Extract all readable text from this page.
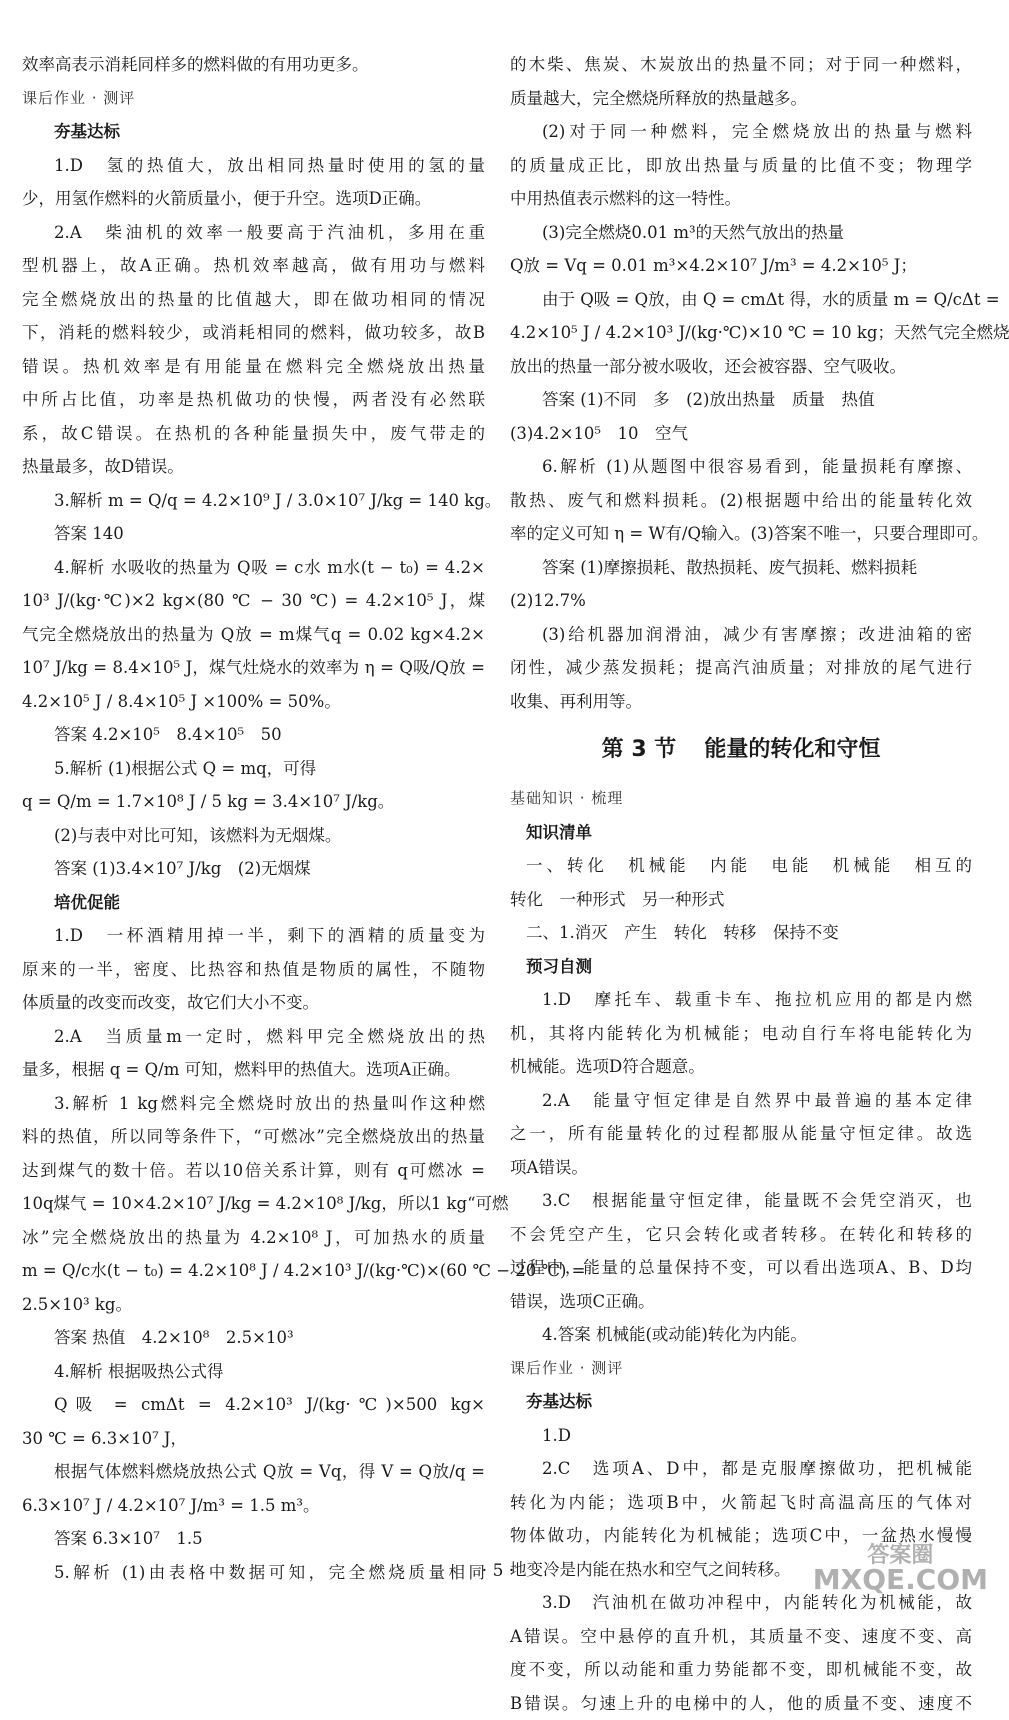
效率高表示消耗同样多的燃料做的有用功更多。
课后作业 · 测评
夯基达标
1.D　氢的热值大，放出相同热量时使用的氢的量
少，用氢作燃料的火箭质量小，便于升空。选项D正确。
2.A　柴油机的效率一般要高于汽油机，多用在重
型机器上，故A正确。热机效率越高，做有用功与燃料
完全燃烧放出的热量的比值越大，即在做功相同的情况
下，消耗的燃料较少，或消耗相同的燃料，做功较多，故B
错误。热机效率是有用能量在燃料完全燃烧放出热量
中所占比值，功率是热机做功的快慢，两者没有必然联
系，故C错误。在热机的各种能量损失中，废气带走的
热量最多，故D错误。
3.解析 m = Q/q = 4.2×10⁹ J / 3.0×10⁷ J/kg = 140 kg。
答案 140
4.解析 水吸收的热量为 Q吸 = c水 m水(t − t₀) = 4.2×
10³ J/(kg·℃)×2 kg×(80 ℃ − 30 ℃) = 4.2×10⁵ J，煤
气完全燃烧放出的热量为 Q放 = m煤气q = 0.02 kg×4.2×
10⁷ J/kg = 8.4×10⁵ J，煤气灶烧水的效率为 η = Q吸/Q放 =
4.2×10⁵ J / 8.4×10⁵ J ×100% = 50%。
答案 4.2×10⁵　8.4×10⁵　50
5.解析 (1)根据公式 Q = mq，可得
q = Q/m = 1.7×10⁸ J / 5 kg = 3.4×10⁷ J/kg。
(2)与表中对比可知，该燃料为无烟煤。
答案 (1)3.4×10⁷ J/kg　(2)无烟煤
培优促能
1.D　一杯酒精用掉一半，剩下的酒精的质量变为
原来的一半，密度、比热容和热值是物质的属性，不随物
体质量的改变而改变，故它们大小不变。
2.A　当质量m一定时，燃料甲完全燃烧放出的热
量多，根据 q = Q/m 可知，燃料甲的热值大。选项A正确。
3.解析 1 kg燃料完全燃烧时放出的热量叫作这种燃
料的热值，所以同等条件下，“可燃冰”完全燃烧放出的热量
达到煤气的数十倍。若以10倍关系计算，则有 q可燃冰 =
10q煤气 = 10×4.2×10⁷ J/kg = 4.2×10⁸ J/kg，所以1 kg“可燃
冰”完全燃烧放出的热量为 4.2×10⁸ J，可加热水的质量
m = Q/c水(t − t₀) = 4.2×10⁸ J / 4.2×10³ J/(kg·℃)×(60 ℃ − 20 ℃) =
2.5×10³ kg。
答案 热值　4.2×10⁸　2.5×10³
4.解析 根据吸热公式得
Q吸 = cmΔt = 4.2×10³ J/(kg·℃)×500 kg×
30 ℃ = 6.3×10⁷ J，
根据气体燃料燃烧放热公式 Q放 = Vq，得 V = Q放/q =
6.3×10⁷ J / 4.2×10⁷ J/m³ = 1.5 m³。
答案 6.3×10⁷　1.5
5.解析 (1)由表格中数据可知，完全燃烧质量相同
的木柴、焦炭、木炭放出的热量不同；对于同一种燃料，
质量越大，完全燃烧所释放的热量越多。
(2)对于同一种燃料，完全燃烧放出的热量与燃料
的质量成正比，即放出热量与质量的比值不变；物理学
中用热值表示燃料的这一特性。
(3)完全燃烧0.01 m³的天然气放出的热量
Q放 = Vq = 0.01 m³×4.2×10⁷ J/m³ = 4.2×10⁵ J；
由于 Q吸 = Q放，由 Q = cmΔt 得，水的质量 m = Q/cΔt =
4.2×10⁵ J / 4.2×10³ J/(kg·℃)×10 ℃ = 10 kg；天然气完全燃烧
放出的热量一部分被水吸收，还会被容器、空气吸收。
答案 (1)不同　多　(2)放出热量　质量　热值
(3)4.2×10⁵　10　空气
6.解析 (1)从题图中很容易看到，能量损耗有摩擦、
散热、废气和燃料损耗。(2)根据题中给出的能量转化效
率的定义可知 η = W有/Q输入。(3)答案不唯一，只要合理即可。
答案 (1)摩擦损耗、散热损耗、废气损耗、燃料损耗
(2)12.7%
(3)给机器加润滑油，减少有害摩擦；改进油箱的密
闭性，减少蒸发损耗；提高汽油质量；对排放的尾气进行
收集、再利用等。
第 3 节 能量的转化和守恒
基础知识 · 梳理
知识清单
一、转化　机械能　内能　电能　机械能　相互的
转化　一种形式　另一种形式
二、1.消灭　产生　转化　转移　保持不变
预习自测
1.D　摩托车、载重卡车、拖拉机应用的都是内燃
机，其将内能转化为机械能；电动自行车将电能转化为
机械能。选项D符合题意。
2.A　能量守恒定律是自然界中最普遍的基本定律
之一，所有能量转化的过程都服从能量守恒定律。故选
项A错误。
3.C　根据能量守恒定律，能量既不会凭空消灭，也
不会凭空产生，它只会转化或者转移。在转化和转移的
过程中，能量的总量保持不变，可以看出选项A、B、D均
错误，选项C正确。
4.答案 机械能(或动能)转化为内能。
课后作业 · 测评
夯基达标
1.D
2.C　选项A、D中，都是克服摩擦做功，把机械能
转化为内能；选项B中，火箭起飞时高温高压的气体对
物体做功，内能转化为机械能；选项C中，一盆热水慢慢
地变冷是内能在热水和空气之间转移。
3.D　汽油机在做功冲程中，内能转化为机械能，故
A错误。空中悬停的直升机，其质量不变、速度不变、高
度不变，所以动能和重力势能都不变，即机械能不变，故
B错误。匀速上升的电梯中的人，他的质量不变、速度不
· 5 ·
答案圈
MXQE.COM
